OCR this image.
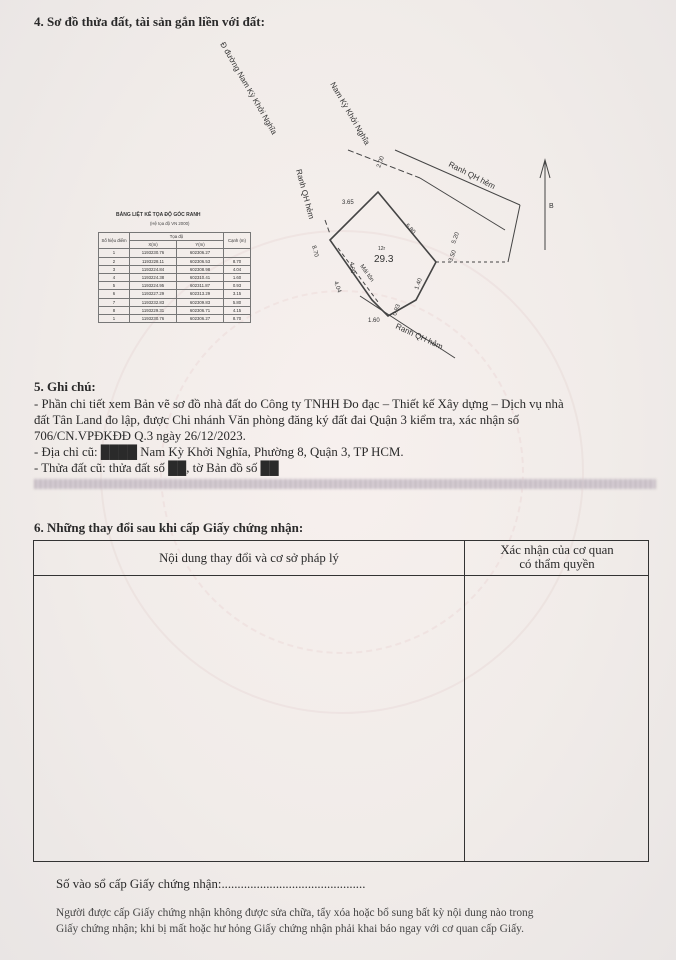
4. Sơ đồ thửa đất, tài sản gắn liền với đất:
Đ đường Nam Kỳ Khởi Nghĩa	Nam Kỳ Khởi Nghĩa
Ranh QH hẻm
Ranh QH hẻm
Ranh QH hẻm
29.3
12r
Mái tôn
B
3.65
2.00
5.80
5.20
3.50
8.70
4.30
4.04
1.60
0.93
1.40
BẢNG LIỆT KÊ TỌA ĐỘ GÓC RANH
(Hệ tọa độ VN 2000)
Số hiệu điểm	Tọa độ		Cạnh (m)
	X(m)	Y(m)	
1	1193230.76	602306.27	
2	1193228.11	602306.53	8.70
3	1193224.84	602308.98	4.04
4	1193224.38	602310.41	1.60
5	1193224.95	602311.87	0.93
6	1193227.29	602313.29	3.15
7	1193232.83	602309.83	5.80
8	1193229.31	602306.71	4.15
1	1193230.76	602306.27	8.70
5. Ghi chú:
- Phần chi tiết xem Bản vẽ sơ đồ nhà đất do Công ty TNHH Đo đạc – Thiết kế Xây dựng – Dịch vụ nhà
đất Tân Land đo lập, được Chi nhánh Văn phòng đăng ký đất đai Quận 3 kiểm tra, xác nhận số
706/CN.VPĐKĐĐ Q.3 ngày 26/12/2023.
- Địa chỉ cũ: ████ Nam Kỳ Khởi Nghĩa, Phường 8, Quận 3, TP HCM.
- Thửa đất cũ: thửa đất số ██, tờ Bản đồ số ██
6. Những thay đổi sau khi cấp Giấy chứng nhận:
Nội dung thay đổi và cơ sở pháp lý
Xác nhận của cơ quan
có thẩm quyền
Số vào sổ cấp Giấy chứng nhận:.............................................
Người được cấp Giấy chứng nhận không được sửa chữa, tẩy xóa hoặc bổ sung bất kỳ nội dung nào trong
Giấy chứng nhận; khi bị mất hoặc hư hỏng Giấy chứng nhận phải khai báo ngay với cơ quan cấp Giấy.
